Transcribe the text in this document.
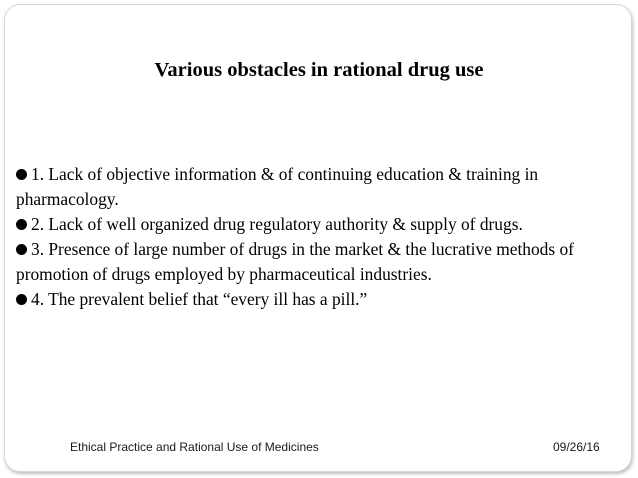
Various obstacles in rational drug use

1. Lack of objective information & of continuing education & training in pharmacology.

2. Lack of well organized drug regulatory authority & supply of drugs.

3. Presence of large number of drugs in the market & the lucrative methods of promotion of drugs employed by pharmaceutical industries.

4. The prevalent belief that “every ill has a pill.”

Ethical Practice and Rational Use of Medicines	09/26/16
